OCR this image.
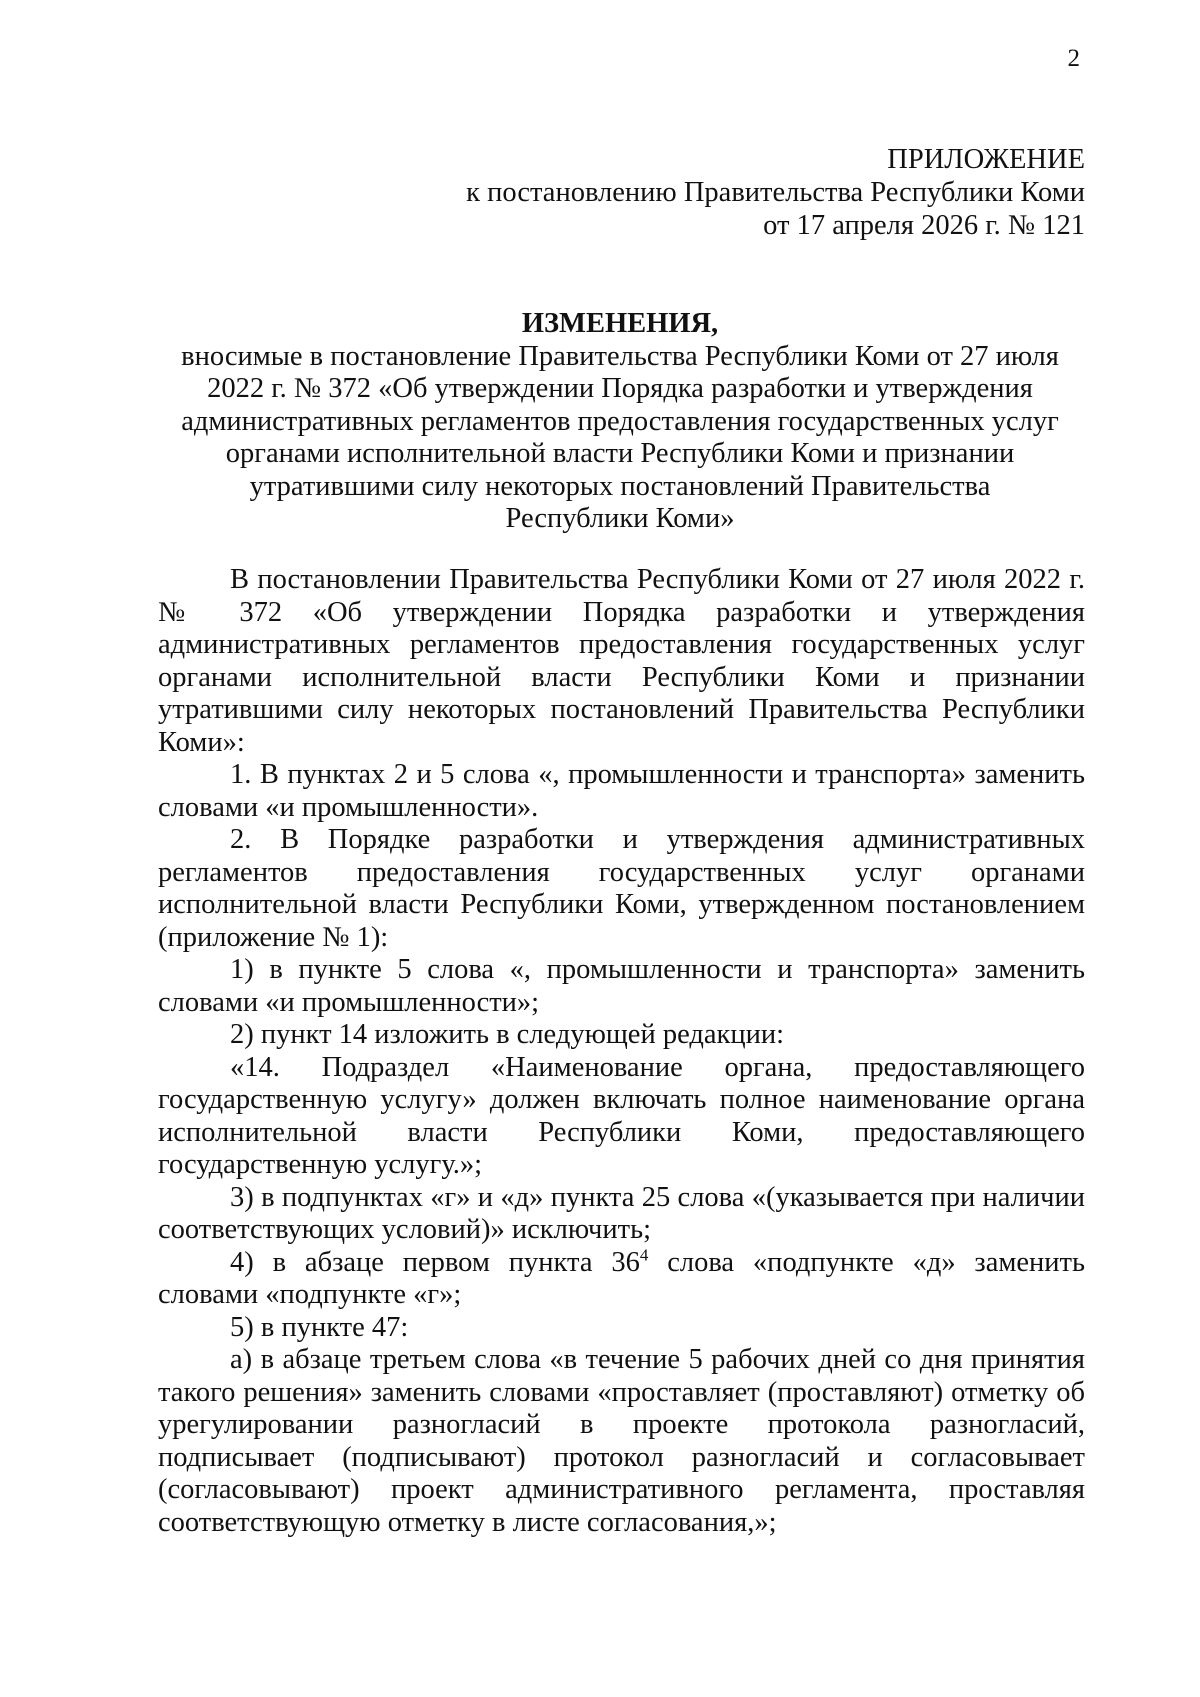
2
ПРИЛОЖЕНИЕ
к постановлению Правительства Республики Коми
от 17 апреля 2026 г. № 121
ИЗМЕНЕНИЯ,
вносимые в постановление Правительства Республики Коми от 27 июля
2022 г. № 372 «Об утверждении Порядка разработки и утверждения
административных регламентов предоставления государственных услуг
органами исполнительной власти Республики Коми и признании
утратившими силу некоторых постановлений Правительства
Республики Коми»

В постановлении Правительства Республики Коми от 27 июля 2022 г. № 372 «Об утверждении Порядка разработки и утверждения административных регламентов предоставления государственных услуг органами исполнительной власти Республики Коми и признании утратившими силу некоторых постановлений Правительства Республики Коми»:

1. В пунктах 2 и 5 слова «, промышленности и транспорта» заменить словами «и промышленности».

2. В Порядке разработки и утверждения административных регламентов предоставления государственных услуг органами исполнительной власти Республики Коми, утвержденном постановлением (приложение № 1):

1) в пункте 5 слова «, промышленности и транспорта» заменить словами «и промышленности»;

2) пункт 14 изложить в следующей редакции:

«14. Подраздел «Наименование органа, предоставляющего государственную услугу» должен включать полное наименование органа исполнительной власти Республики Коми, предоставляющего государственную услугу.»;

3) в подпунктах «г» и «д» пункта 25 слова «(указывается при наличии соответствующих условий)» исключить;

4) в абзаце первом пункта $36^4$ слова «подпункте «д» заменить словами «подпункте «г»;

5) в пункте 47:

а) в абзаце третьем слова «в течение 5 рабочих дней со дня принятия такого решения» заменить словами «проставляет (проставляют) отметку об урегулировании разногласий в проекте протокола разногласий, подписывает (подписывают) протокол разногласий и согласовывает (согласовывают) проект административного регламента, проставляя соответствующую отметку в листе согласования,»;
